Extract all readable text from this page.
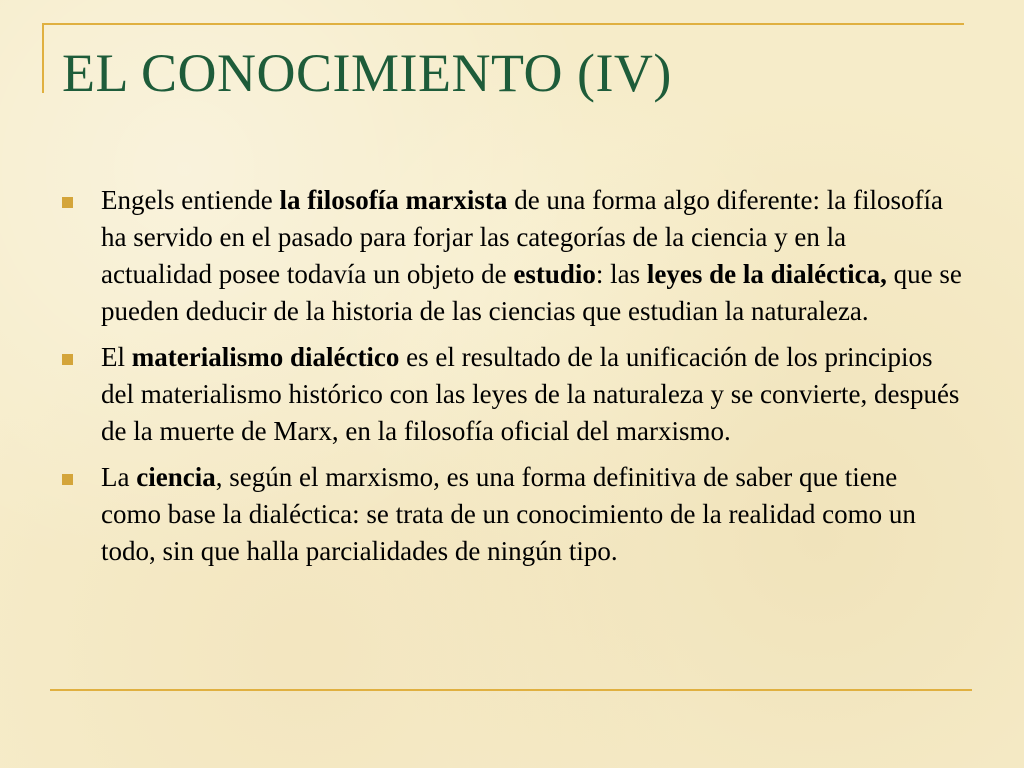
EL CONOCIMIENTO (IV)
Engels entiende la filosofía marxista de una forma algo diferente: la filosofía ha servido en el pasado para forjar las categorías de la ciencia y en la actualidad posee todavía un objeto de estudio: las leyes de la dialéctica, que se pueden deducir de la historia de las ciencias que estudian la naturaleza.
El materialismo dialéctico es el resultado de la unificación de los principios del materialismo histórico con las leyes de la naturaleza y se convierte, después de la muerte de Marx, en la filosofía oficial del marxismo.
La ciencia, según el marxismo, es una forma definitiva de saber que tiene como base la dialéctica: se trata de un conocimiento de la realidad como un todo, sin que halla parcialidades de ningún tipo.
